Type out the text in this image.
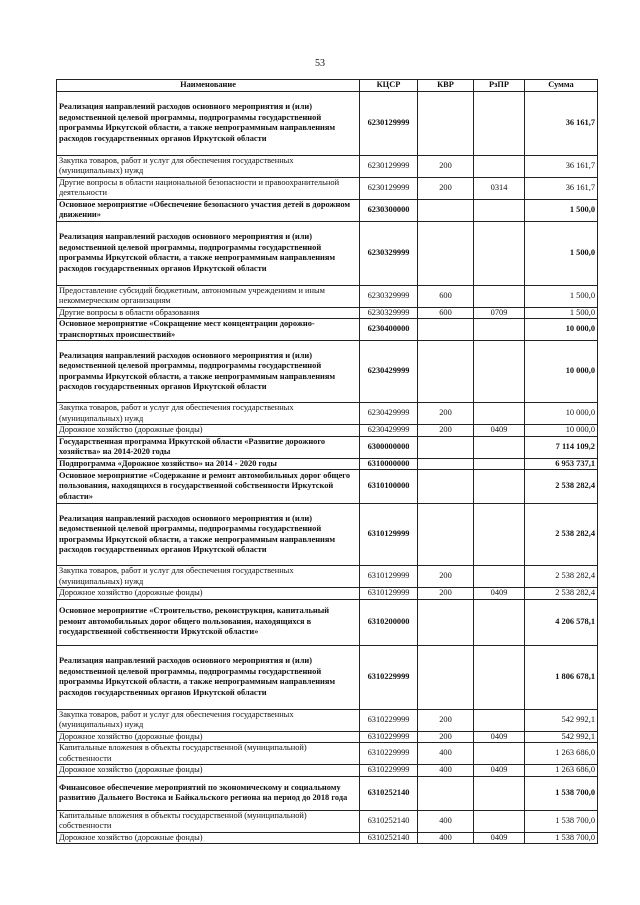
53
Наименование	КЦСР	КВР	РзПР	Сумма
Реализация направлений расходов основного мероприятия и (или) ведомственной целевой программы, подпрограммы государственной программы Иркутской области, а также непрограммным направлениям расходов государственных органов Иркутской области	6230129999			36 161,7
Закупка товаров, работ и услуг для обеспечения государственных (муниципальных) нужд	6230129999	200		36 161,7
Другие вопросы в области национальной безопасности и правоохранительной деятельности	6230129999	200	0314	36 161,7
Основное мероприятие «Обеспечение безопасного участия детей в дорожном движении»	6230300000			1 500,0
Реализация направлений расходов основного мероприятия и (или) ведомственной целевой программы, подпрограммы государственной программы Иркутской области, а также непрограммным направлениям расходов государственных органов Иркутской области	6230329999			1 500,0
Предоставление субсидий бюджетным, автономным учреждениям и иным некоммерческим организациям	6230329999	600		1 500,0
Другие вопросы в области образования	6230329999	600	0709	1 500,0
Основное мероприятие «Сокращение мест концентрации дорожно-транспортных происшествий»	6230400000			10 000,0
Реализация направлений расходов основного мероприятия и (или) ведомственной целевой программы, подпрограммы государственной программы Иркутской области, а также непрограммным направлениям расходов государственных органов Иркутской области	6230429999			10 000,0
Закупка товаров, работ и услуг для обеспечения государственных (муниципальных) нужд	6230429999	200		10 000,0
Дорожное хозяйство (дорожные фонды)	6230429999	200	0409	10 000,0
Государственная программа Иркутской области «Развитие дорожного хозяйства» на 2014-2020 годы	6300000000			7 114 109,2
Подпрограмма «Дорожное хозяйство» на 2014 - 2020 годы	6310000000			6 953 737,1
Основное мероприятие «Содержание и ремонт автомобильных дорог общего пользования, находящихся в государственной собственности Иркутской области»	6310100000			2 538 282,4
Реализация направлений расходов основного мероприятия и (или) ведомственной целевой программы, подпрограммы государственной программы Иркутской области, а также непрограммным направлениям расходов государственных органов Иркутской области	6310129999			2 538 282,4
Закупка товаров, работ и услуг для обеспечения государственных (муниципальных) нужд	6310129999	200		2 538 282,4
Дорожное хозяйство (дорожные фонды)	6310129999	200	0409	2 538 282,4
Основное мероприятие «Строительство, реконструкция, капитальный ремонт автомобильных дорог общего пользования, находящихся в государственной собственности Иркутской области»	6310200000			4 206 578,1
Реализация направлений расходов основного мероприятия и (или) ведомственной целевой программы, подпрограммы государственной программы Иркутской области, а также непрограммным направлениям расходов государственных органов Иркутской области	6310229999			1 806 678,1
Закупка товаров, работ и услуг для обеспечения государственных (муниципальных) нужд	6310229999	200		542 992,1
Дорожное хозяйство (дорожные фонды)	6310229999	200	0409	542 992,1
Капитальные вложения в объекты государственной (муниципальной) собственности	6310229999	400		1 263 686,0
Дорожное хозяйство (дорожные фонды)	6310229999	400	0409	1 263 686,0
Финансовое обеспечение мероприятий по экономическому и социальному развитию Дальнего Востока и Байкальского региона на период до 2018 года	6310252140			1 538 700,0
Капитальные вложения в объекты государственной (муниципальной) собственности	6310252140	400		1 538 700,0
Дорожное хозяйство (дорожные фонды)	6310252140	400	0409	1 538 700,0
